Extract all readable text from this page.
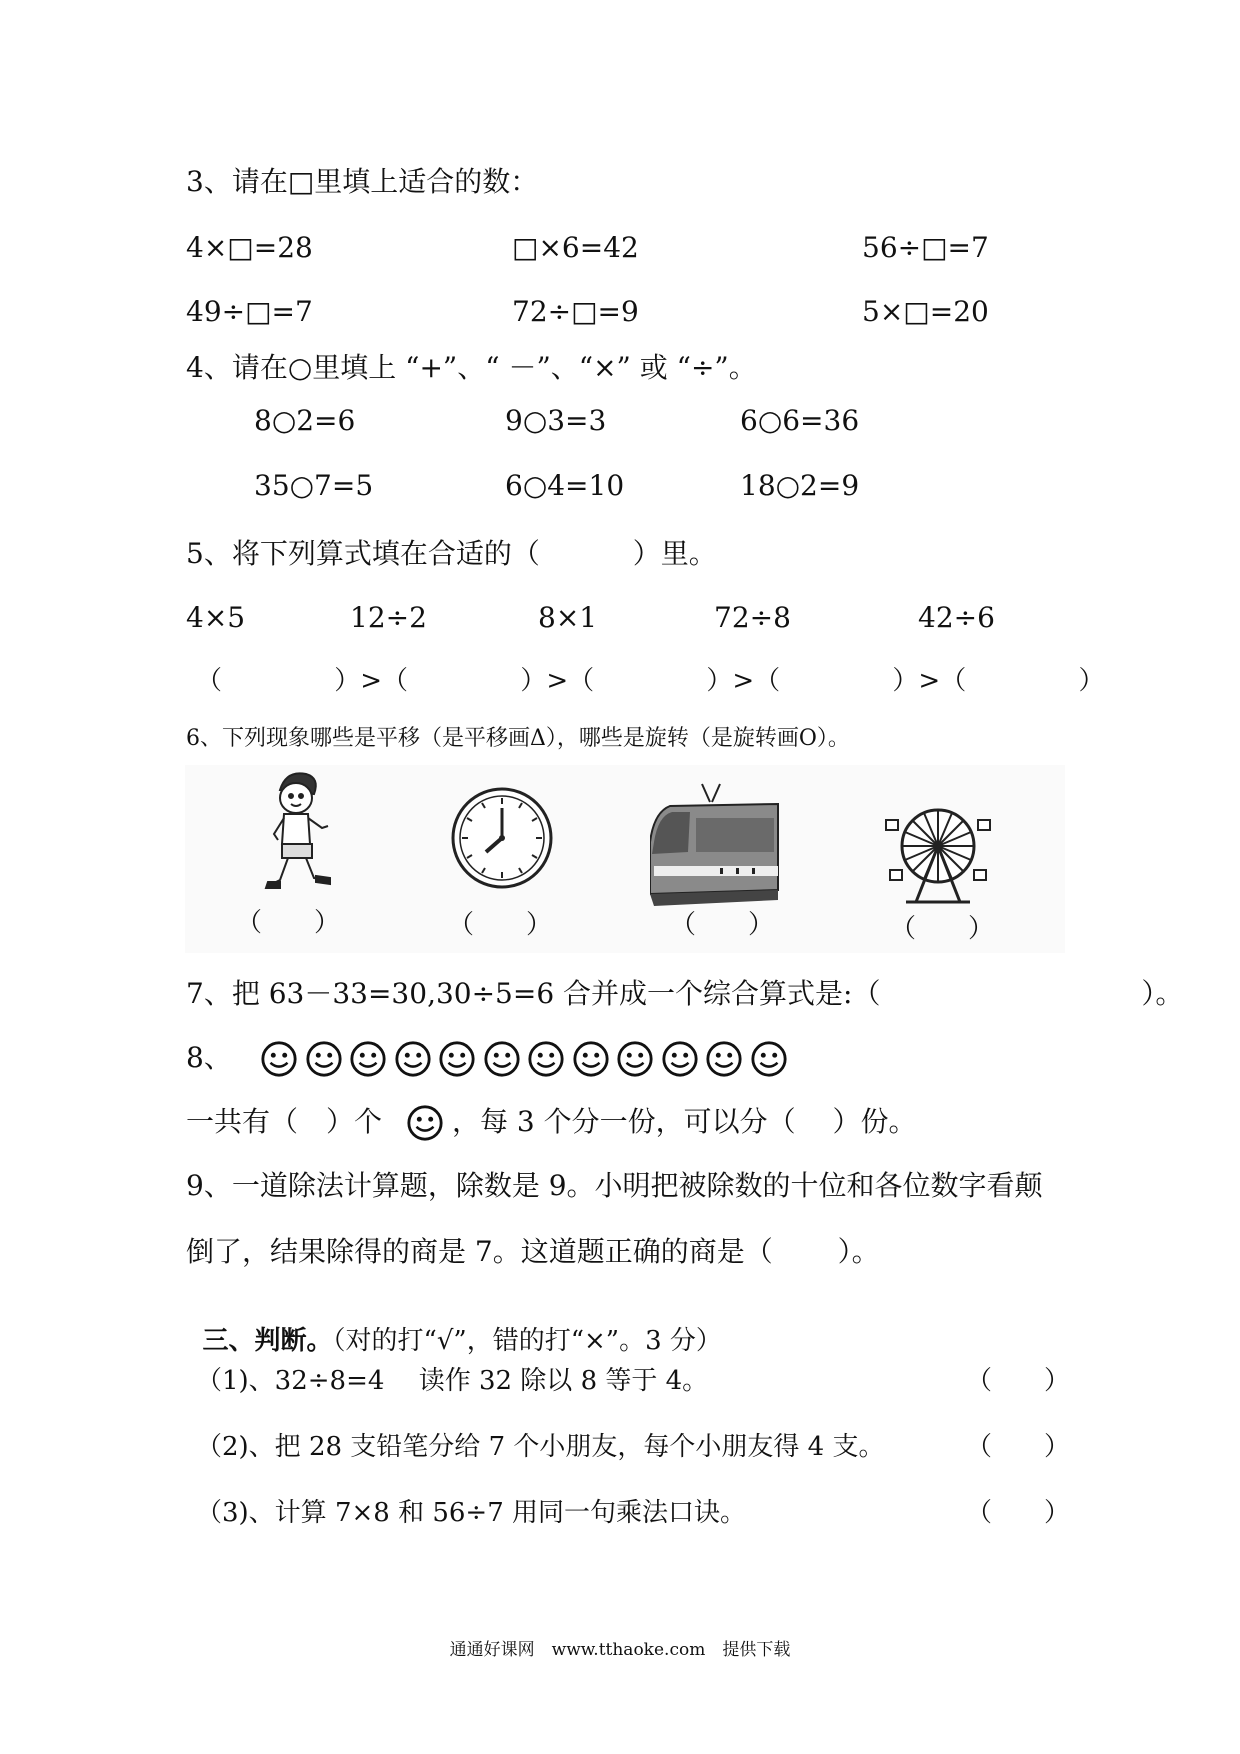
3、请在□里填上适合的数：
4×□=28	□×6=42	56÷□=7
49÷□=7	72÷□=9	5×□=20
4、请在○里填上 “+”、“ －”、“×” 或 “÷”。
8○2=6	9○3=3	6○6=36
35○7=5	6○4=10	18○2=9
5、将下列算式填在合适的（　　　 ）里。
4×5	12÷2	8×1	72÷8	42÷6
（　　　　 ）>（　　　　 ）>（　　　　 ）>（　　　　 ）>（　　　　 ）
6、下列现象哪些是平移（是平移画Δ），哪些是旋转（是旋转画O）。
（　　）	（　　）	（　　）	（　　）
7、把 63－33=30,30÷5=6 合并成一个综合算式是:（　　　　　　　　　 ）。
8、
一共有（　）个 ，每 3 个分一份，可以分（　 ）份。
9、一道除法计算题，除数是 9。小明把被除数的十位和各位数字看颠
倒了，结果除得的商是 7。这道题正确的商是（　　 ）。

三、判断。（对的打“√”，错的打“×”。3 分）

（1)、32÷8=4　 读作 32 除以 8 等于 4。	（　　）
（2)、把 28 支铅笔分给 7 个小朋友，每个小朋友得 4 支。	（　　）
（3)、计算 7×8 和 56÷7 用同一句乘法口诀。	（　　）
通通好课网　www.tthaoke.com　提供下载
